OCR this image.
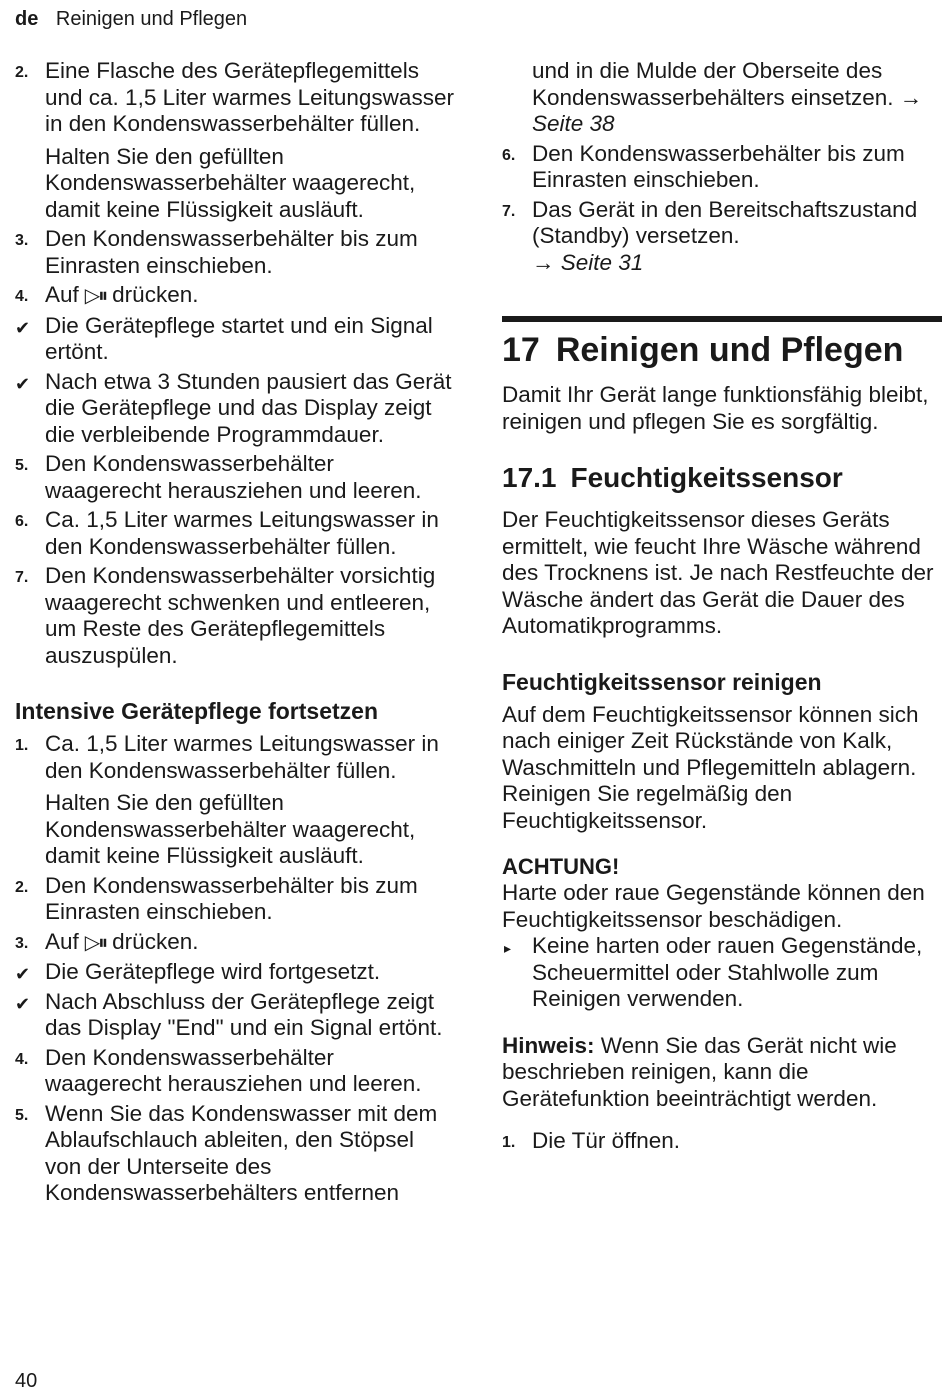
de Reinigen und Pflegen
2. Eine Flasche des Gerätepflegemittels und ca. 1,5 Liter warmes Leitungswasser in den Kondenswasserbehälter füllen.
Halten Sie den gefüllten Kondenswasserbehälter waagerecht, damit keine Flüssigkeit ausläuft.
3. Den Kondenswasserbehälter bis zum Einrasten einschieben.
4. Auf ▷⏸ drücken.
✔ Die Gerätepflege startet und ein Signal ertönt.
✔ Nach etwa 3 Stunden pausiert das Gerät die Gerätepflege und das Display zeigt die verbleibende Programmdauer.
5. Den Kondenswasserbehälter waagerecht herausziehen und leeren.
6. Ca. 1,5 Liter warmes Leitungswasser in den Kondenswasserbehälter füllen.
7. Den Kondenswasserbehälter vorsichtig waagerecht schwenken und entleeren, um Reste des Gerätepflegemittels auszuspülen.
Intensive Gerätepflege fortsetzen
1. Ca. 1,5 Liter warmes Leitungswasser in den Kondenswasserbehälter füllen.
Halten Sie den gefüllten Kondenswasserbehälter waagerecht, damit keine Flüssigkeit ausläuft.
2. Den Kondenswasserbehälter bis zum Einrasten einschieben.
3. Auf ▷⏸ drücken.
✔ Die Gerätepflege wird fortgesetzt.
✔ Nach Abschluss der Gerätepflege zeigt das Display "End" und ein Signal ertönt.
4. Den Kondenswasserbehälter waagerecht herausziehen und leeren.
5. Wenn Sie das Kondenswasser mit dem Ablaufschlauch ableiten, den Stöpsel von der Unterseite des Kondenswasserbehälters entfernen
und in die Mulde der Oberseite des Kondenswasserbehälters einsetzen. → Seite 38
6. Den Kondenswasserbehälter bis zum Einrasten einschieben.
7. Das Gerät in den Bereitschaftszustand (Standby) versetzen.
→ Seite 31
17 Reinigen und Pflegen

Damit Ihr Gerät lange funktionsfähig bleibt, reinigen und pflegen Sie es sorgfältig.

17.1 Feuchtigkeitssensor

Der Feuchtigkeitssensor dieses Geräts ermittelt, wie feucht Ihre Wäsche während des Trocknens ist. Je nach Restfeuchte der Wäsche ändert das Gerät die Dauer des Automatikprogramms.

Feuchtigkeitssensor reinigen

Auf dem Feuchtigkeitssensor können sich nach einiger Zeit Rückstände von Kalk, Waschmitteln und Pflegemitteln ablagern. Reinigen Sie regelmäßig den Feuchtigkeitssensor.

ACHTUNG!

Harte oder raue Gegenstände können den Feuchtigkeitssensor beschädigen.

▸ Keine harten oder rauen Gegenstände, Scheuermittel oder Stahlwolle zum Reinigen verwenden.

Hinweis: Wenn Sie das Gerät nicht wie beschrieben reinigen, kann die Gerätefunktion beeinträchtigt werden.

1. Die Tür öffnen.
40
